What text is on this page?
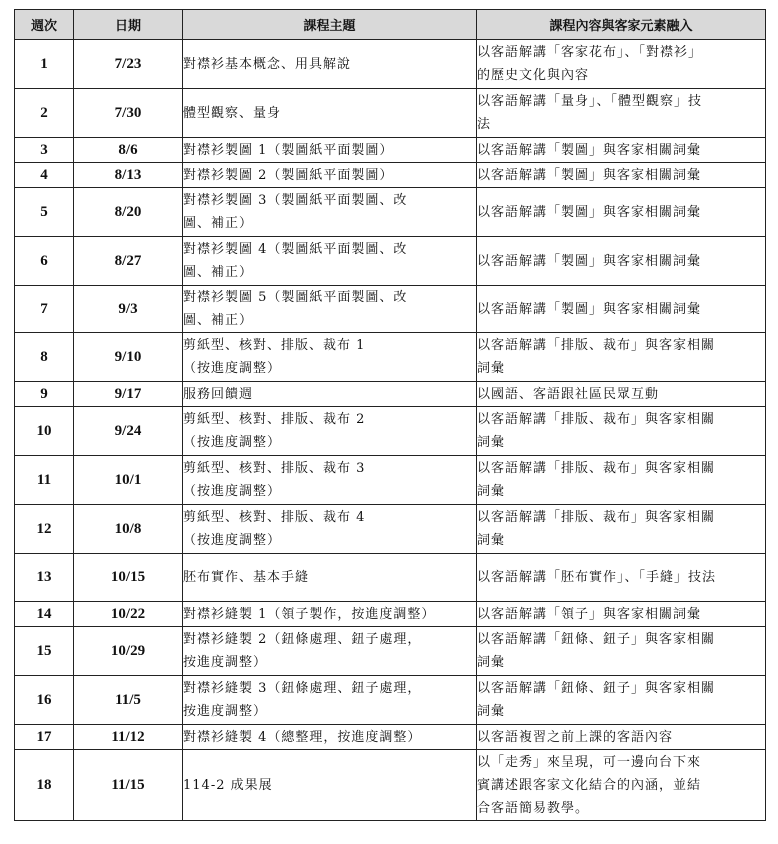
週次	日期	課程主題	課程內容與客家元素融入
1	7/23	對襟衫基本概念、用具解說	以客語解講「客家花布」、「對襟衫」
的歷史文化與內容

2	7/30	體型觀察、量身	以客語解講「量身」、「體型觀察」技
法

3	8/6	對襟衫製圖 1（製圖紙平面製圖）	以客語解講「製圖」與客家相關詞彙

4	8/13	對襟衫製圖 2（製圖紙平面製圖）	以客語解講「製圖」與客家相關詞彙

5	8/20	對襟衫製圖 3（製圖紙平面製圖、改
圖、補正）	以客語解講「製圖」與客家相關詞彙

6	8/27	對襟衫製圖 4（製圖紙平面製圖、改
圖、補正）	以客語解講「製圖」與客家相關詞彙

7	9/3	對襟衫製圖 5（製圖紙平面製圖、改
圖、補正）	以客語解講「製圖」與客家相關詞彙

8	9/10	剪紙型、核對、排版、裁布 1
（按進度調整）	以客語解講「排版、裁布」與客家相關
詞彙

9	9/17	服務回饋週	以國語、客語跟社區民眾互動

10	9/24	剪紙型、核對、排版、裁布 2
（按進度調整）	以客語解講「排版、裁布」與客家相關
詞彙

11	10/1	剪紙型、核對、排版、裁布 3
（按進度調整）	以客語解講「排版、裁布」與客家相關
詞彙

12	10/8	剪紙型、核對、排版、裁布 4
（按進度調整）	以客語解講「排版、裁布」與客家相關
詞彙

13	10/15	胚布實作、基本手縫	以客語解講「胚布實作」、「手縫」技法

14	10/22	對襟衫縫製 1（領子製作，按進度調整）	以客語解講「領子」與客家相關詞彙

15	10/29	對襟衫縫製 2（鈕條處理、鈕子處理，
按進度調整）	以客語解講「鈕條、鈕子」與客家相關
詞彙

16	11/5	對襟衫縫製 3（鈕條處理、鈕子處理，
按進度調整）	以客語解講「鈕條、鈕子」與客家相關
詞彙

17	11/12	對襟衫縫製 4（總整理，按進度調整）	以客語複習之前上課的客語內容

18	11/15	114-2 成果展	以「走秀」來呈現，可一邊向台下來
賓講述跟客家文化結合的內涵，並結
合客語簡易教學。
